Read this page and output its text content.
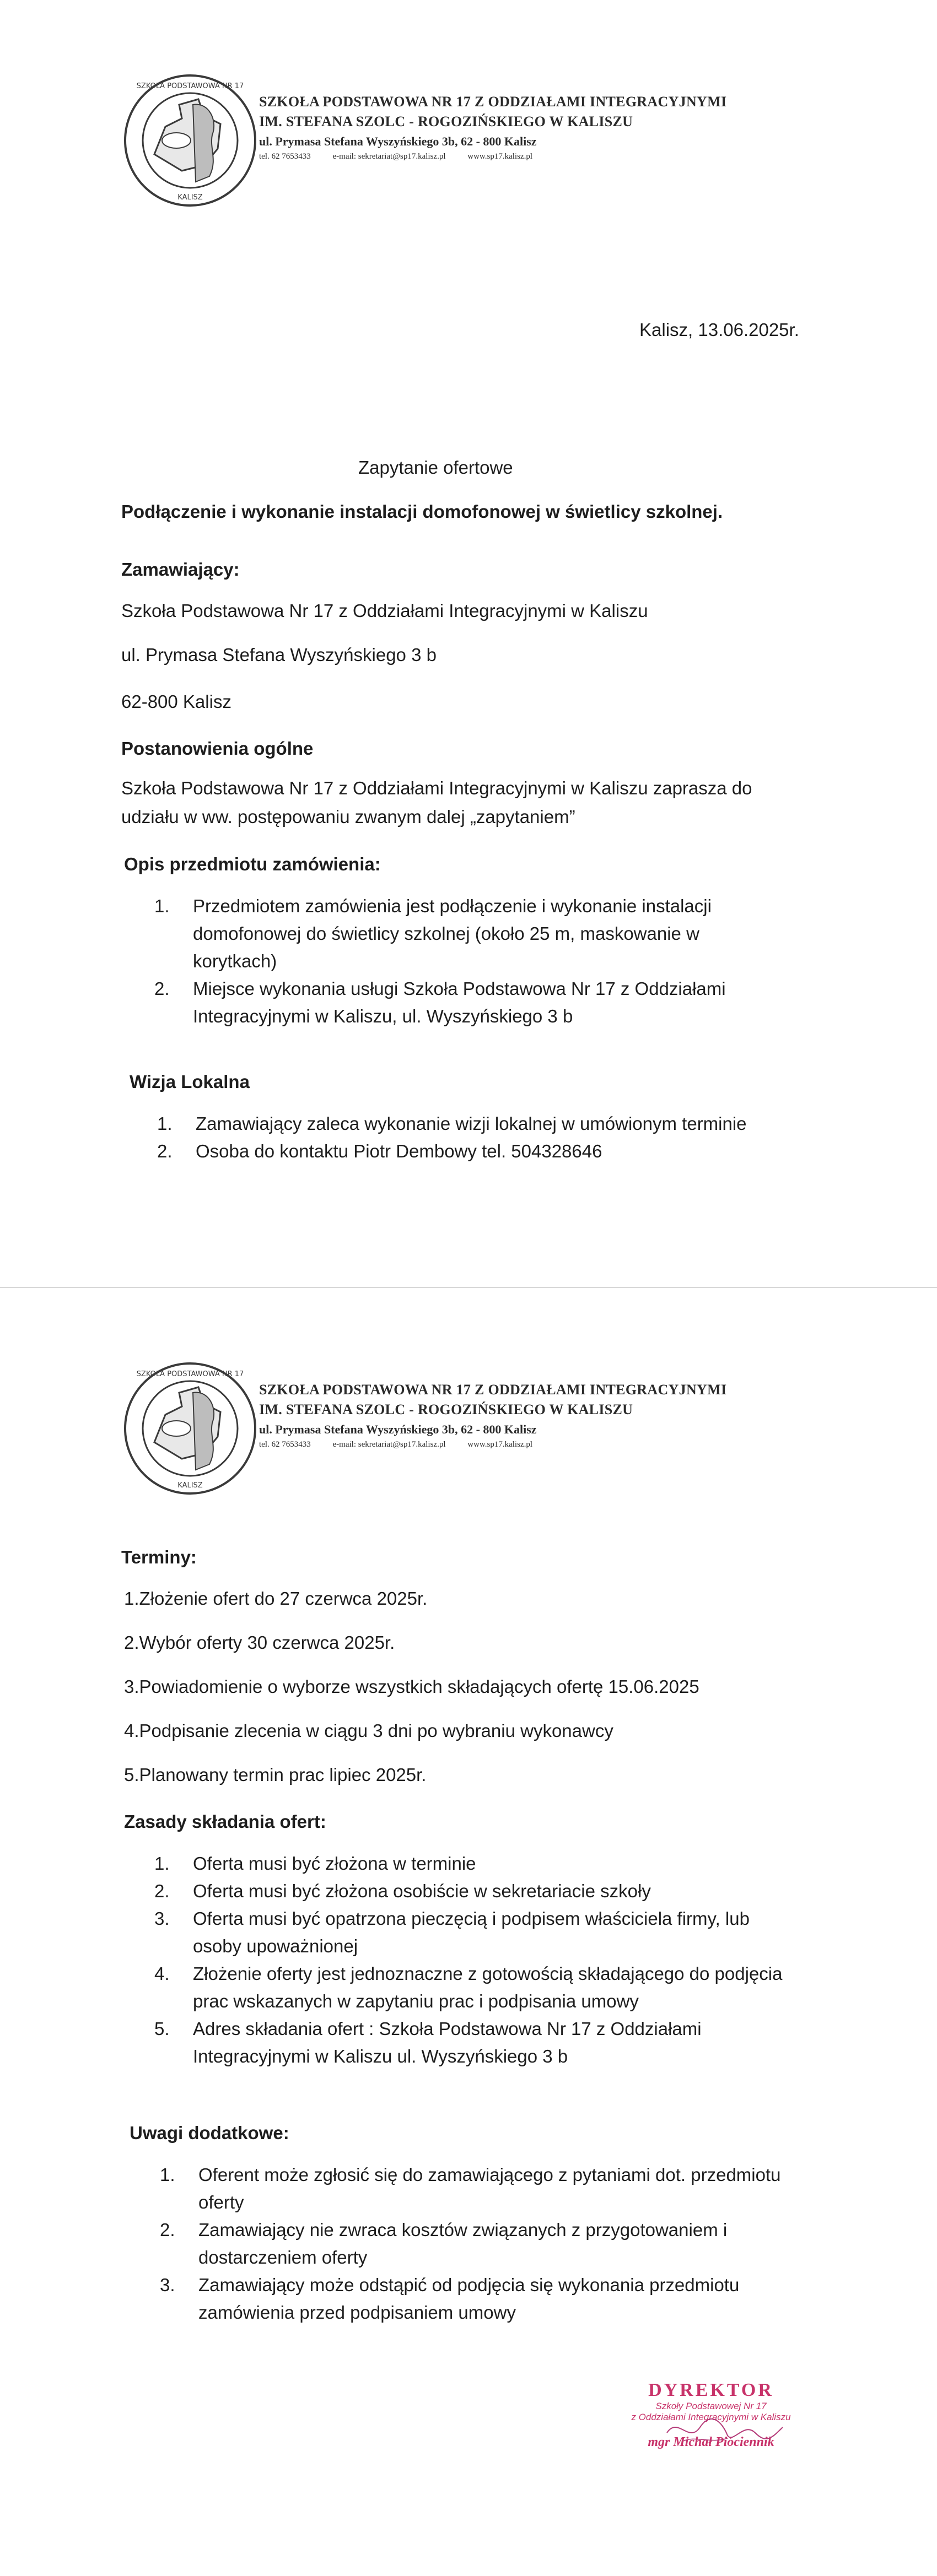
SZKOŁA PODSTAWOWA NR 17
KALISZ
SZKOŁA PODSTAWOWA NR 17 Z ODDZIAŁAMI INTEGRACYJNYMI
IM. STEFANA SZOLC - ROGOZIŃSKIEGO W KALISZU
ul. Prymasa Stefana Wyszyńskiego 3b, 62 - 800 Kalisz
tel. 62 7653433	e-mail: sekretariat@sp17.kalisz.pl	www.sp17.kalisz.pl
Kalisz, 13.06.2025r.
Zapytanie ofertowe
Podłączenie i wykonanie instalacji domofonowej w świetlicy szkolnej.
Zamawiający:
Szkoła Podstawowa Nr 17 z Oddziałami Integracyjnymi w Kaliszu
ul. Prymasa Stefana Wyszyńskiego 3 b
62-800 Kalisz
Postanowienia ogólne
Szkoła Podstawowa Nr 17 z Oddziałami Integracyjnymi w Kaliszu zaprasza do
udziału w ww. postępowaniu zwanym dalej „zapytaniem”
Opis przedmiotu zamówienia:
1. Przedmiotem zamówienia jest podłączenie i wykonanie instalacji
domofonowej do świetlicy szkolnej (około 25 m, maskowanie w
korytkach)
2. Miejsce wykonania usługi Szkoła Podstawowa Nr 17 z Oddziałami
Integracyjnymi w Kaliszu, ul. Wyszyńskiego 3 b
Wizja Lokalna
1. Zamawiający zaleca wykonanie wizji lokalnej w umówionym terminie
2. Osoba do kontaktu Piotr Dembowy tel. 504328646
SZKOŁA PODSTAWOWA NR 17
KALISZ
SZKOŁA PODSTAWOWA NR 17 Z ODDZIAŁAMI INTEGRACYJNYMI
IM. STEFANA SZOLC - ROGOZIŃSKIEGO W KALISZU
ul. Prymasa Stefana Wyszyńskiego 3b, 62 - 800 Kalisz
tel. 62 7653433	e-mail: sekretariat@sp17.kalisz.pl	www.sp17.kalisz.pl
Terminy:
1.Złożenie ofert do 27 czerwca 2025r.
2.Wybór oferty 30 czerwca 2025r.
3.Powiadomienie o wyborze wszystkich składających ofertę 15.06.2025
4.Podpisanie zlecenia w ciągu 3 dni po wybraniu wykonawcy
5.Planowany termin prac lipiec 2025r.
Zasady składania ofert:
1. Oferta musi być złożona w terminie
2. Oferta musi być złożona osobiście w sekretariacie szkoły
3. Oferta musi być opatrzona pieczęcią i podpisem właściciela firmy, lub
osoby upoważnionej
4. Złożenie oferty jest jednoznaczne z gotowością składającego do podjęcia
prac wskazanych w zapytaniu prac i podpisania umowy
5. Adres składania ofert : Szkoła Podstawowa Nr 17 z Oddziałami
Integracyjnymi w Kaliszu ul. Wyszyńskiego 3 b
Uwagi dodatkowe:
1. Oferent może zgłosić się do zamawiającego z pytaniami dot. przedmiotu
oferty
2. Zamawiający nie zwraca kosztów związanych z przygotowaniem i
dostarczeniem oferty
3. Zamawiający może odstąpić od podjęcia się wykonania przedmiotu
zamówienia przed podpisaniem umowy
DYREKTOR
Szkoły Podstawowej Nr 17
z Oddziałami Integracyjnymi w Kaliszu
mgr Michał Pióciennik
